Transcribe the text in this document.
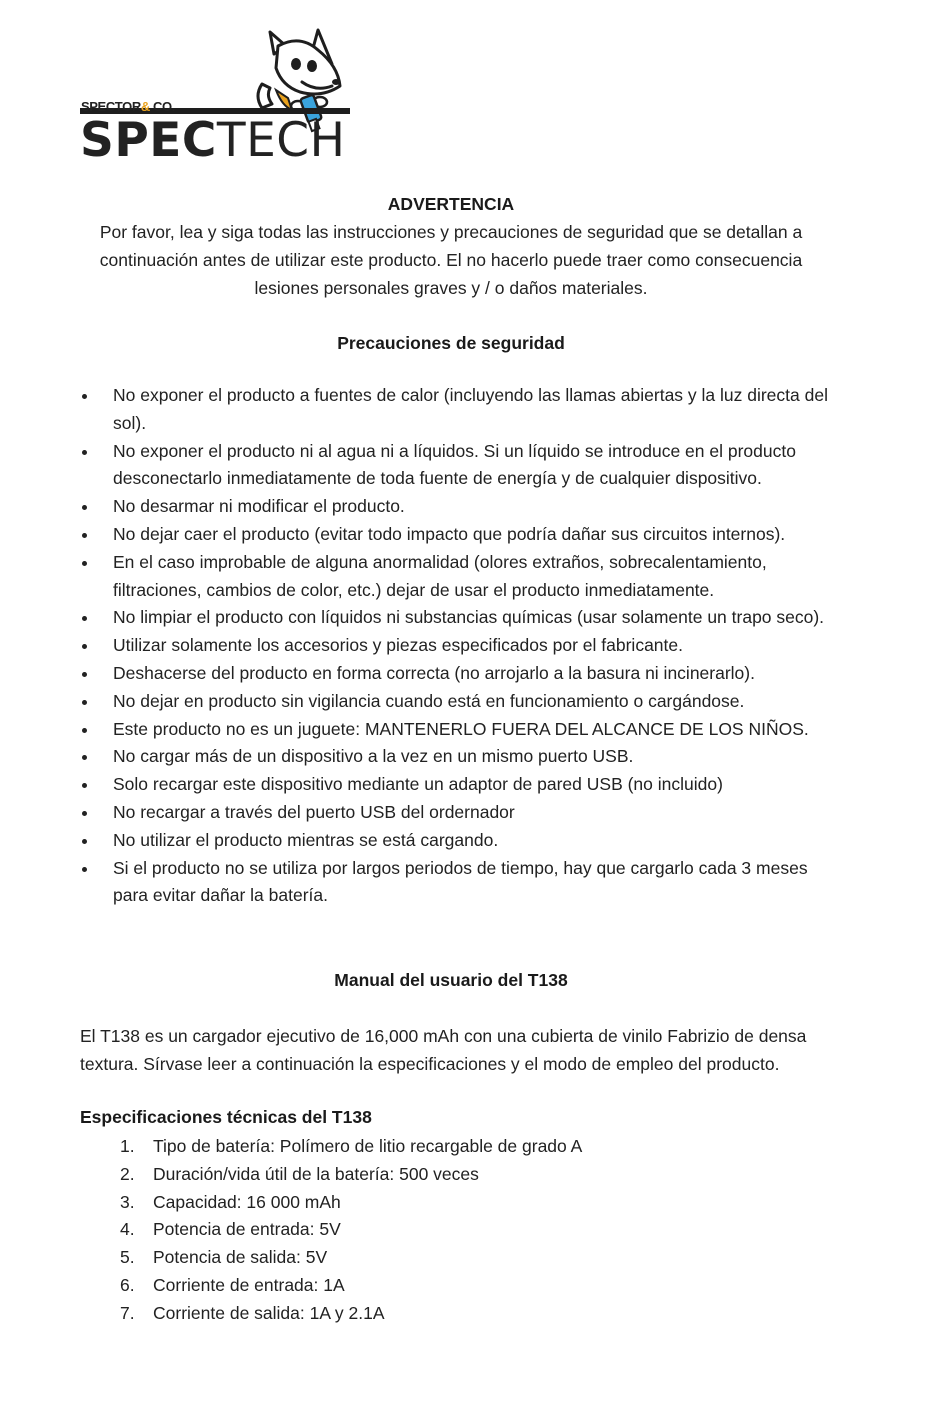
SPECTOR& CO.
SPECTECH
ADVERTENCIA
Por favor, lea y siga todas las instrucciones y precauciones de seguridad que se detallan a
continuación antes de utilizar este producto. El no hacerlo puede traer como consecuencia
lesiones personales graves y / o daños materiales.
Precauciones de seguridad
No exponer el producto a fuentes de calor (incluyendo las llamas abiertas y la luz directa del sol).
No exponer el producto ni al agua ni a líquidos. Si un líquido se introduce en el producto desconectarlo inmediatamente de toda fuente de energía y de cualquier dispositivo.
No desarmar ni modificar el producto.
No dejar caer el producto (evitar todo impacto que podría dañar sus circuitos internos).
En el caso improbable de alguna anormalidad (olores extraños, sobrecalentamiento, filtraciones, cambios de color, etc.) dejar de usar el producto inmediatamente.
No limpiar el producto con líquidos ni substancias químicas (usar solamente un trapo seco).
Utilizar solamente los accesorios y piezas especificados por el fabricante.
Deshacerse del producto en forma correcta (no arrojarlo a la basura ni incinerarlo).
No dejar en producto sin vigilancia cuando está en funcionamiento o cargándose.
Este producto no es un juguete: MANTENERLO FUERA DEL ALCANCE DE LOS NIÑOS.
No cargar más de un dispositivo a la vez en un mismo puerto USB.
Solo recargar este dispositivo mediante un adaptor de pared USB (no incluido)
No recargar a través del puerto USB del ordernador
No utilizar el producto mientras se está cargando.
Si el producto no se utiliza por largos periodos de tiempo, hay que cargarlo cada 3 meses para evitar dañar la batería.
Manual del usuario del T138
El T138 es un cargador ejecutivo de 16,000 mAh con una cubierta de vinilo Fabrizio de densa textura. Sírvase leer a continuación la especificaciones y el modo de empleo del producto.
Especificaciones técnicas del T138
1. Tipo de batería: Polímero de litio recargable de grado A
2. Duración/vida útil de la batería: 500 veces
3. Capacidad: 16 000 mAh
4. Potencia de entrada: 5V
5. Potencia de salida: 5V
6. Corriente de entrada: 1A
7. Corriente de salida: 1A y 2.1A
